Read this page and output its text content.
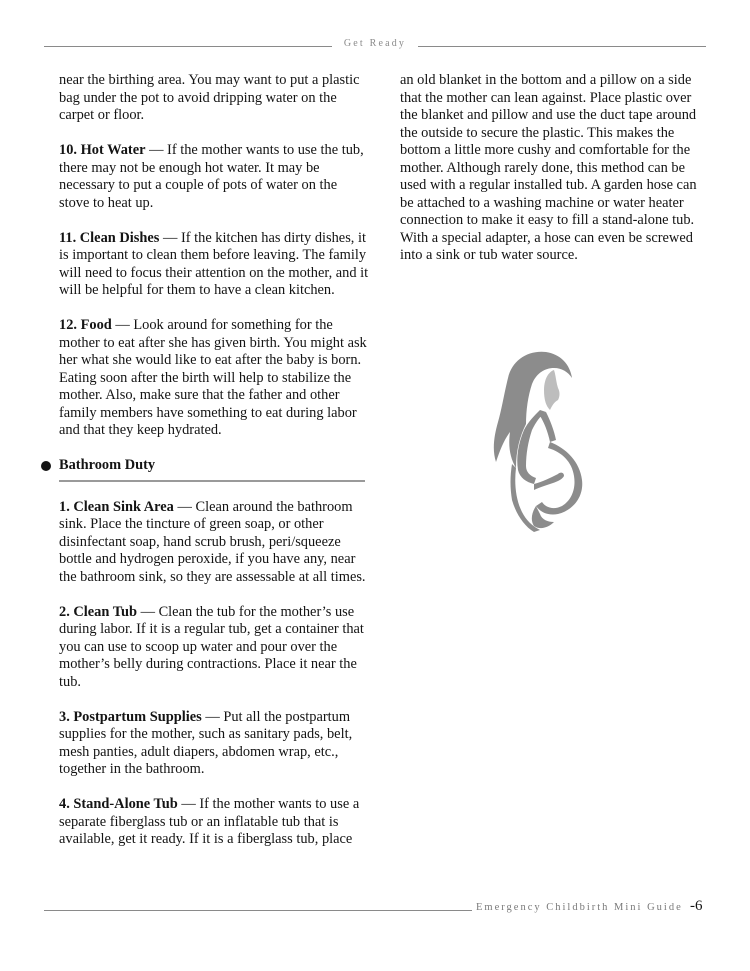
Get Ready

near the birthing area. You may want to put a plastic bag under the pot to avoid dripping water on the carpet or floor.

10. Hot Water — If the mother wants to use the tub, there may not be enough hot water. It may be necessary to put a couple of pots of water on the stove to heat up.

11. Clean Dishes — If the kitchen has dirty dishes, it is important to clean them before leaving. The family will need to focus their attention on the mother, and it will be helpful for them to have a clean kitchen.

12. Food — Look around for something for the mother to eat after she has given birth. You might ask her what she would like to eat after the baby is born. Eating soon after the birth will help to stabilize the mother. Also, make sure that the father and other family members have something to eat during labor and that they keep hydrated.

Bathroom Duty

1. Clean Sink Area — Clean around the bathroom sink. Place the tincture of green soap, or other disinfectant soap, hand scrub brush, peri/squeeze bottle and hydrogen peroxide, if you have any, near the bathroom sink, so they are assessable at all times.

2. Clean Tub — Clean the tub for the mother’s use during labor. If it is a regular tub, get a container that you can use to scoop up water and pour over the mother’s belly during contractions. Place it near the tub.

3. Postpartum Supplies — Put all the postpartum supplies for the mother, such as sanitary pads, belt, mesh panties, adult diapers, abdomen wrap, etc., together in the bathroom.

4. Stand-Alone Tub — If the mother wants to use a separate fiberglass tub or an inflatable tub that is available, get it ready. If it is a fiberglass tub, place

an old blanket in the bottom and a pillow on a side that the mother can lean against. Place plastic over the blanket and pillow and use the duct tape around the outside to secure the plastic. This makes the bottom a little more cushy and comfortable for the mother. Although rarely done, this method can be used with a regular installed tub. A garden hose can be attached to a washing machine or water heater connection to make it easy to fill a stand-alone tub. With a special adapter, a hose can even be screwed into a sink or tub water source.

Emergency Childbirth Mini Guide -6
